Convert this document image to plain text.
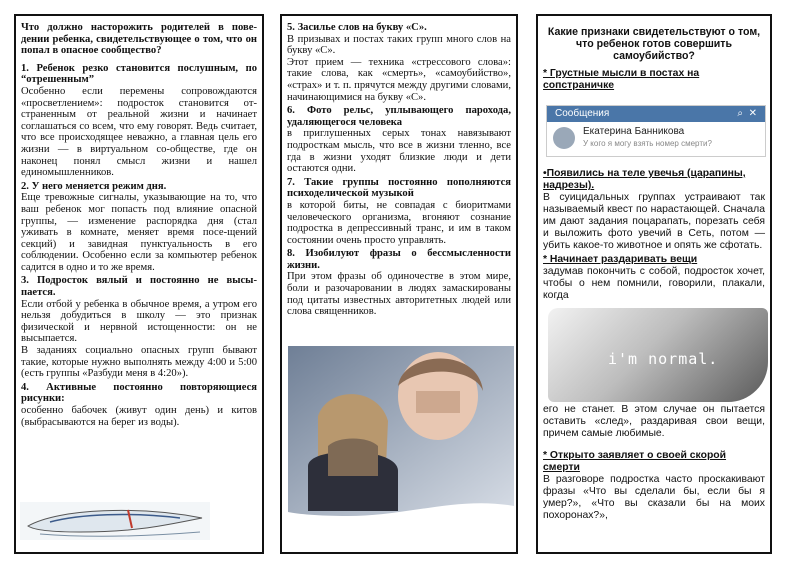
Что должно насторожить родителей в пове-дении ребенка, свидетельствующее о том, что он попал в опасное сообщество?

1. Ребенок резко становится послушным, по “отрешенным”

Особенно если перемены сопровождаются «просветлением»: подросток становится от-страненным от реальной жизни и начинает соглашаться со всем, что ему говорят. Ведь считает, что все происходящее неважно, а главная цель его жизни — в виртуальном со-обществе, где он наконец понял смысл жизни и нашел единомышленников.

2. У него меняется режим дня.

Еще тревожные сигналы, указывающие на то, что ваш ребенок мог попасть под влияние опасной группы, — изменение распорядка дня (стал уживать в комнате, меняет время посе-щений секций) и завидная пунктуальность в его соблюдении. Особенно если за компьютер ребенок садится в одно и то же время.

3. Подросток вялый и постоянно не высы-пается.

Если отбой у ребенка в обычное время, а утром его нельзя добудиться в школу — это признак физической и нервной истощенности: он не высыпается.

В заданиях социально опасных групп бывают такие, которые нужно выполнять между 4:00 и 5:00 (есть группы «Разбуди меня в 4:20»).

4. Активные постоянно повторяющиеся рисунки:

особенно бабочек (живут один день) и китов (выбрасываются на берег из воды).

5. Засилье слов на букву «С».

В призывах и постах таких групп много слов на букву «С».

Этот прием — техника «стрессового слова»: такие слова, как «смерть», «самоубийство», «страх» и т. п. прячутся между другими словами, начинающимися на букву «С».

6. Фото рельс, уплывающего парохода, удаляющегося человека

в приглушенных серых тонах навязывают подросткам мысль, что все в жизни тленно, все гда в жизни уходят близкие люди и дети остаются одни.

7. Такие группы постоянно пополняются психоделической музыкой

в которой биты, не совпадая с биоритмами человеческого организма, вгоняют сознание подростка в депрессивный транс, и им в таком состоянии очень просто управлять.

8. Изобилуют фразы о бессмысленности жизни.

При этом фразы об одиночестве в этом мире, боли и разочаровании в людях замаскированы под цитаты известных авторитетных людей или слова священников.

Какие признаки свидетельствуют о том, что ребенок готов совершить самоубийство?

* Грустные мысли в постах на сопстраничке

•Появились на теле увечья (царапины, надрезы).

В суицидальных группах устраивают так называемый квест по нарастающей. Сначала им дают задания поцарапать, порезать себя и выложить фото увечий в Сеть, потом — убить какое-то животное и опять же сфотать.

* Начинает раздаривать вещи

задумав покончить с собой, подросток хочет, чтобы о нем помнили, говорили, плакали, когда

его не станет. В этом случае он пытается оставить «след», раздаривая свои вещи, причем самые любимые.

* Открыто заявляет о своей скорой смерти

В разговоре подростка часто проскакивают фразы «Что вы сделали бы, если бы я умер?», «Что вы сказали бы на моих похоронах?»,

Сообщения	⌕ ✕
Екатерина Банникова
У кого я могу взять номер смерти?
i'm normal.
